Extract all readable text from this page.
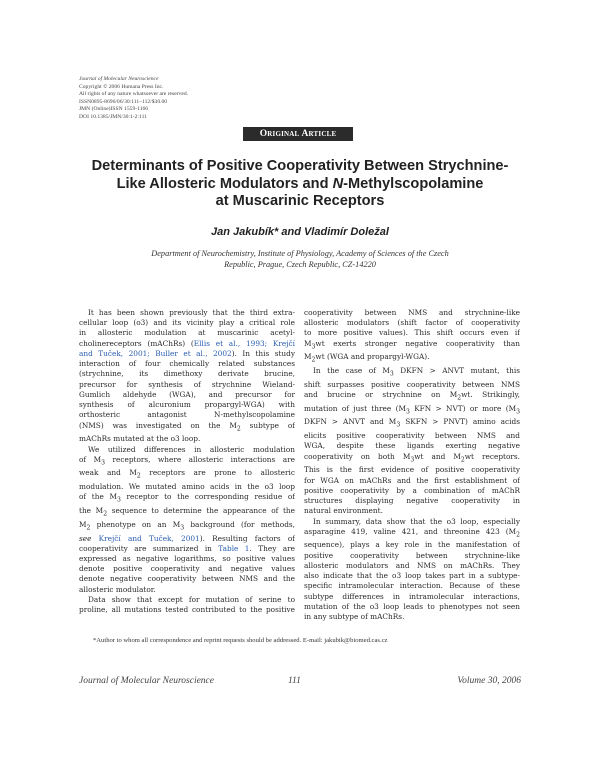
Journal of Molecular Neuroscience
Copyright © 2006 Humana Press Inc.
All rights of any nature whatsoever are reserved.
ISSN0895-8696/06/30:111–112/$30.00
JMN (Online)ISSN 1559-1166
DOI 10.1385/JMN/30:1-2:111
Original Article
Determinants of Positive Cooperativity Between Strychnine-
Like Allosteric Modulators and N-Methylscopolamine
at Muscarinic Receptors
Jan Jakubík* and Vladimír Doležal
Department of Neurochemistry, Institute of Physiology, Academy of Sciences of the Czech
Republic, Prague, Czech Republic, CZ-14220

It has been shown previously that the third extra-
cellular loop (o3) and its vicinity play a critical role
in allosteric modulation at muscarinic acetyl-
cholinereceptors (mAChRs) (Ellis et al., 1993; Krejčí
and Tuček, 2001; Buller et al., 2002). In this study
interaction of four chemically related substances
(strychnine, its dimethoxy derivate brucine,
precursor for synthesis of strychnine Wieland-
Gumlich aldehyde (WGA), and precursor for
synthesis of alcuronium propargyl-WGA) with
orthosteric antagonist N-methylscopolamine
(NMS) was investigated on the $M_2$ subtype of
mAChRs mutated at the o3 loop.

We utilized differences in allosteric modulation
of $M_3$ receptors, where allosteric interactions are
weak and $M_2$ receptors are prone to allosteric
modulation. We mutated amino acids in the o3 loop
of the $M_3$ receptor to the corresponding residue of
the $M_2$ sequence to determine the appearance of the
$M_2$ phenotype on an $M_3$ background (for methods,
see Krejčí and Tuček, 2001). Resulting factors of
cooperativity are summarized in Table 1. They are
expressed as negative logarithms, so positive values
denote positive cooperativity and negative values
denote negative cooperativity between NMS and the
allosteric modulator.

Data show that except for mutation of serine to
proline, all mutations tested contributed to the positive

cooperativity between NMS and strychnine-like
allosteric modulators (shift factor of cooperativity
to more positive values). This shift occurs even if
$M_3wt$ exerts stronger negative cooperativity than
$M_2wt$ (WGA and propargyl-WGA).

In the case of $M_3$ DKFN > ANVT mutant, this
shift surpasses positive cooperativity between NMS
and brucine or strychnine on $M_2wt$. Strikingly,
mutation of just three ($M_3$ KFN > NVT) or more ($M_3$
DKFN > ANVT and $M_3$ SKFN > PNVT) amino acids
elicits positive cooperativity between NMS and
WGA, despite these ligands exerting negative
cooperativity on both $M_3wt$ and $M_2wt$ receptors.
This is the first evidence of positive cooperativity
for WGA on mAChRs and the first establishment of
positive cooperativity by a combination of mAChR
structures displaying negative cooperativity in
natural environment.

In summary, data show that the o3 loop, especially
asparagine 419, valine 421, and threonine 423 ($M_2$
sequence), plays a key role in the manifestation of
positive cooperativity between strychnine-like
allosteric modulators and NMS on mAChRs. They
also indicate that the o3 loop takes part in a subtype-
specific intramolecular interaction. Because of these
subtype differences in intramolecular interactions,
mutation of the o3 loop leads to phenotypes not seen
in any subtype of mAChRs.

*Author to whom all correspondence and reprint requests should be addressed. E-mail: jakubik@biomed.cas.cz
Journal of Molecular Neuroscience	111	Volume 30, 2006
